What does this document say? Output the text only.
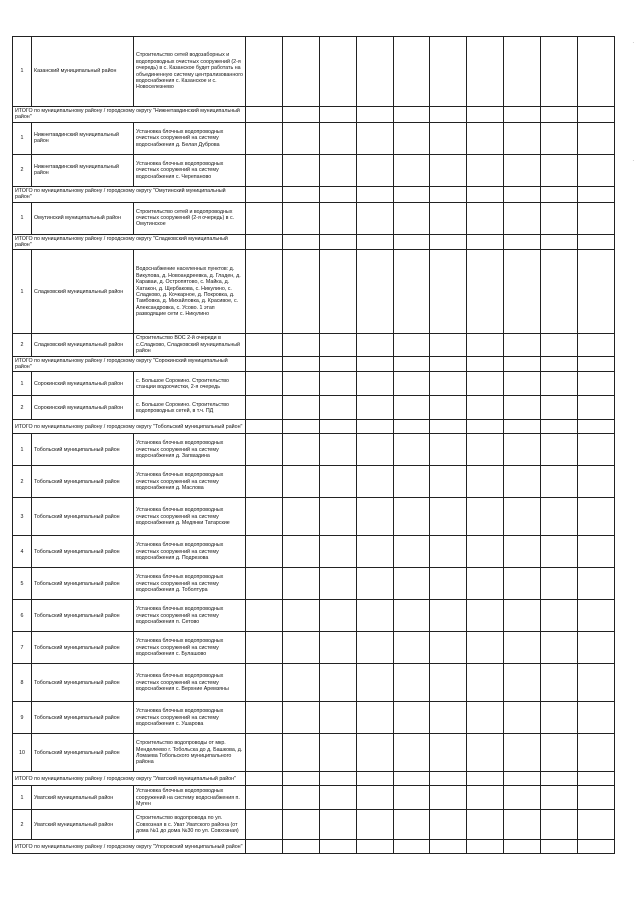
1	Казанский муниципальный район	Строительство сетей водозаборных и водопроводных очистных сооружений (2-я очередь) в с. Казанское будет работать на объединенную систему централизованного водоснабжения с. Казанское и с. Новоселезнево										
ИТОГО по муниципальному району / городскому округу "Нижнетавдинский муниципальный район"												
1	Нижнетавдинский муниципальный район	Установка блочных водопроводных очистных сооружений на систему водоснабжения д. Белая Дуброва										
2	Нижнетавдинский муниципальный район	Установка блочных водопроводных очистных сооружений на систему водоснабжения с. Черепаново										
ИТОГО по муниципальному району / городскому округу "Омутинский муниципальный район"												
1	Омутинский муниципальный район	Строительство сетей и водопроводных очистных сооружений (2-я очередь) в с. Омутинское										
ИТОГО по муниципальному району / городскому округу "Сладковский муниципальный район"												
1	Сладковский муниципальный район	Водоснабжение населенных пунктов: д. Викулова, д. Новоандреевка, д. Гладен, д. Караваи, д. Остропятово, с. Майка, д. Хатакон, д. Щербакова, с. Никулино, с. Сладково, д. Кочкарное, д. Покровка, д. Тамбовка, д. Михайловка, д. Красивое, с. Александровка, с. Усово. 1 этап разводящие сети с. Никулино										
2	Сладковский муниципальный район	Строительство ВОС 2-й очереди в с.Сладково, Сладковский муниципальный район										
ИТОГО по муниципальному району / городскому округу "Сорокинский муниципальный район"												
1	Сорокинский муниципальный район	с. Большое Сорокино. Строительство станции водоочистки, 2-я очередь										
2	Сорокинский муниципальный район	с. Большое Сорокино. Строительство водопроводных сетей, в т.ч. ПД										
ИТОГО по муниципальному району / городскому округу "Тобольский муниципальный район"												
1	Тобольский муниципальный район	Установка блочных водопроводных очистных сооружений на систему водоснабжения д. Загваздина										
2	Тобольский муниципальный район	Установка блочных водопроводных очистных сооружений на систему водоснабжения д. Маслова										
3	Тобольский муниципальный район	Установка блочных водопроводных очистных сооружений на систему водоснабжения д. Медянки Татарские										
4	Тобольский муниципальный район	Установка блочных водопроводных очистных сооружений на систему водоснабжения д. Подрезова										
5	Тобольский муниципальный район	Установка блочных водопроводных очистных сооружений на систему водоснабжения д. Тоболтура										
6	Тобольский муниципальный район	Установка блочных водопроводных очистных сооружений на систему водоснабжения п. Сетово										
7	Тобольский муниципальный район	Установка блочных водопроводных очистных сооружений на систему водоснабжения с. Булашово										
8	Тобольский муниципальный район	Установка блочных водопроводных очистных сооружений на систему водоснабжения с. Верхние Аремзяны										
9	Тобольский муниципальный район	Установка блочных водопроводных очистных сооружений на систему водоснабжения с. Ушарова										
10	Тобольский муниципальный район	Строительство водопроводы от мкр. Менделеево г. Тобольска до д. Башкова, д. Ломаева Тобольского муниципального района										
ИТОГО по муниципальному району / городскому округу "Уватский муниципальный район"												
1	Уватский муниципальный район	Установка блочных водопроводных сооружений на систему водоснабжения п. Муген										
2	Уватский муниципальный район	Строительство водопровода по ул. Совхозная в с. Уват Уватского района (от дома №1 до дома №30 по ул. Совхозная)										
ИТОГО по муниципальному району / городскому округу "Упоровский муниципальный район"												
·
·
